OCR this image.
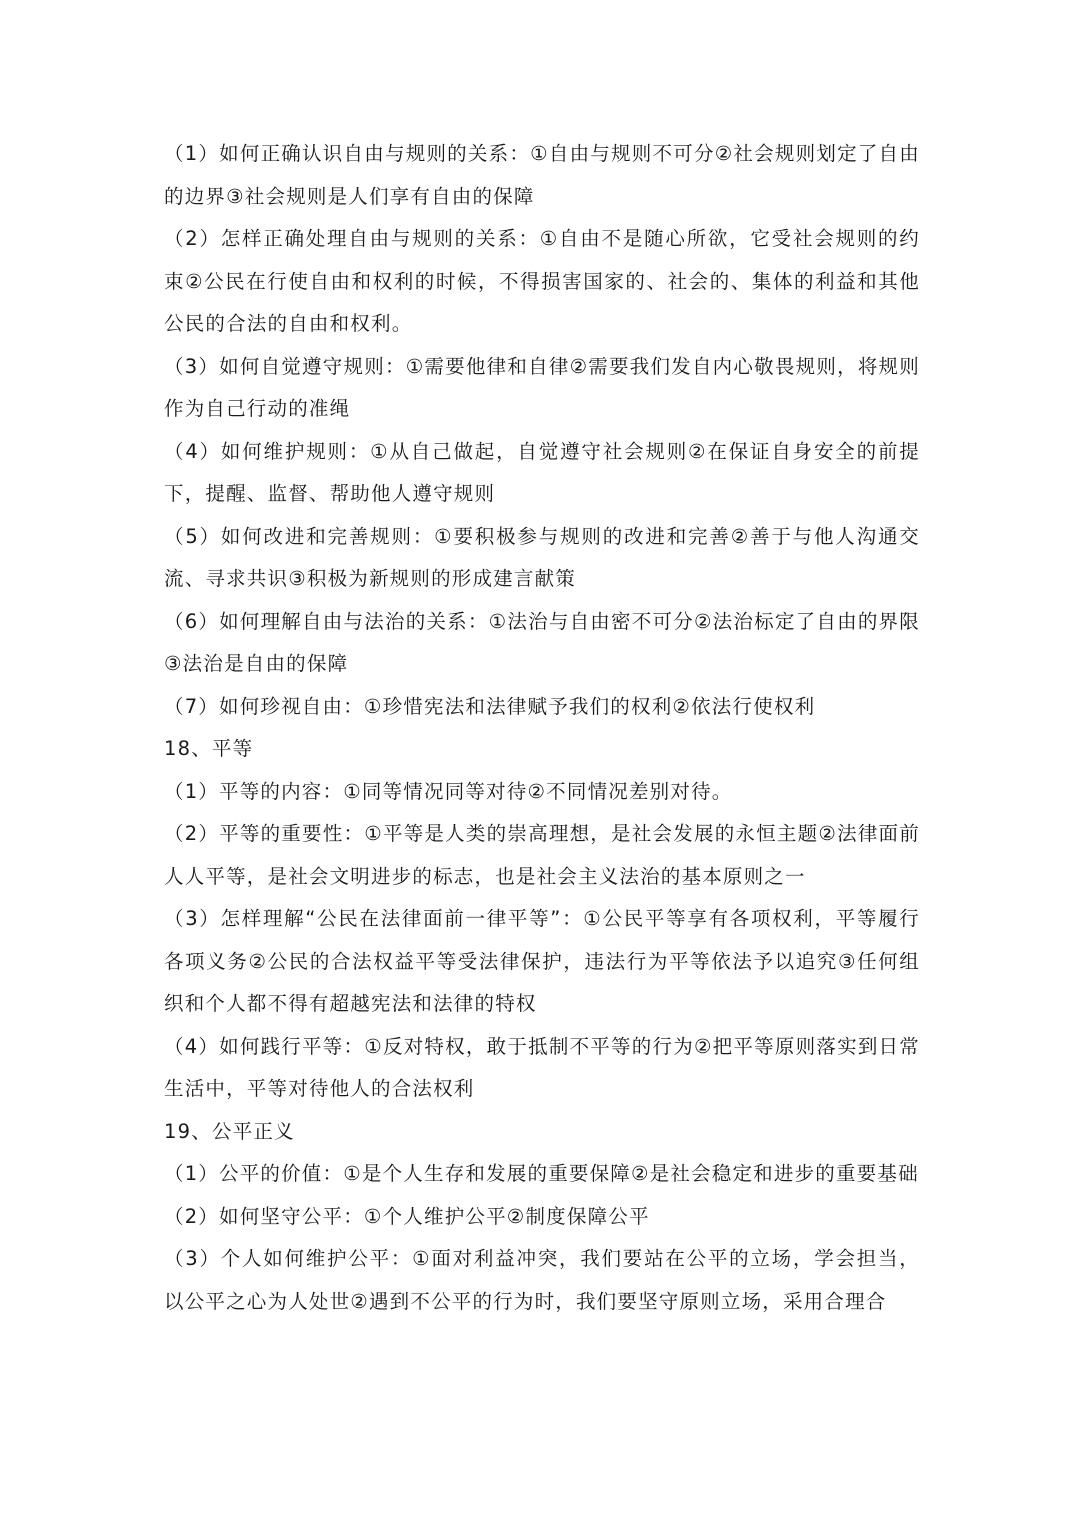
（1）如何正确认识自由与规则的关系：①自由与规则不可分②社会规则划定了自由的边界③社会规则是人们享有自由的保障

（2）怎样正确处理自由与规则的关系：①自由不是随心所欲，它受社会规则的约束②公民在行使自由和权利的时候，不得损害国家的、社会的、集体的利益和其他公民的合法的自由和权利。

（3）如何自觉遵守规则：①需要他律和自律②需要我们发自内心敬畏规则，将规则作为自己行动的准绳

（4）如何维护规则：①从自己做起，自觉遵守社会规则②在保证自身安全的前提下，提醒、监督、帮助他人遵守规则

（5）如何改进和完善规则：①要积极参与规则的改进和完善②善于与他人沟通交流、寻求共识③积极为新规则的形成建言献策

（6）如何理解自由与法治的关系：①法治与自由密不可分②法治标定了自由的界限③法治是自由的保障

（7）如何珍视自由：①珍惜宪法和法律赋予我们的权利②依法行使权利

18、平等

（1）平等的内容：①同等情况同等对待②不同情况差别对待。

（2）平等的重要性：①平等是人类的崇高理想，是社会发展的永恒主题②法律面前人人平等，是社会文明进步的标志，也是社会主义法治的基本原则之一

（3）怎样理解“公民在法律面前一律平等”：①公民平等享有各项权利，平等履行各项义务②公民的合法权益平等受法律保护，违法行为平等依法予以追究③任何组织和个人都不得有超越宪法和法律的特权

（4）如何践行平等：①反对特权，敢于抵制不平等的行为②把平等原则落实到日常生活中，平等对待他人的合法权利

19、公平正义

（1）公平的价值：①是个人生存和发展的重要保障②是社会稳定和进步的重要基础

（2）如何坚守公平：①个人维护公平②制度保障公平

（3）个人如何维护公平：①面对利益冲突，我们要站在公平的立场，学会担当，以公平之心为人处世②遇到不公平的行为时，我们要坚守原则立场，采用合理合
